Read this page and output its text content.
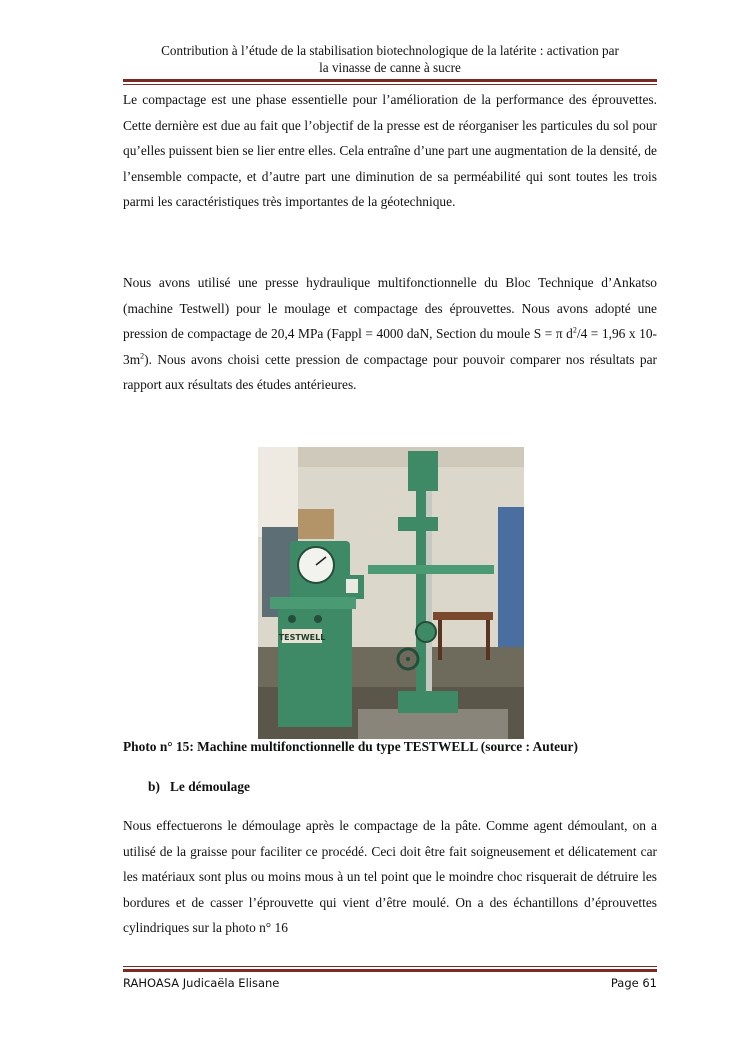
Contribution à l’étude de la stabilisation biotechnologique de la latérite : activation par
la vinasse de canne à sucre

Le compactage est une phase essentielle pour l’amélioration de la performance des éprouvettes. Cette dernière est due au fait que l’objectif de la presse est de réorganiser les particules du sol pour qu’elles puissent bien se lier entre elles. Cela entraîne d’une part une augmentation de la densité, de l’ensemble compacte, et d’autre part une diminution de sa perméabilité qui sont toutes les trois parmi les caractéristiques très importantes de la géotechnique.

Nous avons utilisé une presse hydraulique multifonctionnelle du Bloc Technique d’Ankatso (machine Testwell) pour le moulage et compactage des éprouvettes. Nous avons adopté une pression de compactage de 20,4 MPa (Fappl = 4000 daN, Section du moule S = π $d^2/4 = 1,96$ x $10-3m^2$). Nous avons choisi cette pression de compactage pour pouvoir comparer nos résultats par rapport aux résultats des études antérieures.

TESTWELL
Photo n° 15: Machine multifonctionnelle du type TESTWELL (source : Auteur)
b) Le démoulage

Nous effectuerons le démoulage après le compactage de la pâte. Comme agent démoulant, on a utilisé de la graisse pour faciliter ce procédé. Ceci doit être fait soigneusement et délicatement car les matériaux sont plus ou moins mous à un tel point que le moindre choc risquerait de détruire les bordures et de casser l’éprouvette qui vient d’être moulé. On a des échantillons d’éprouvettes cylindriques sur la photo n° 16

RAHOASA Judicaëla Elisane	Page 61
